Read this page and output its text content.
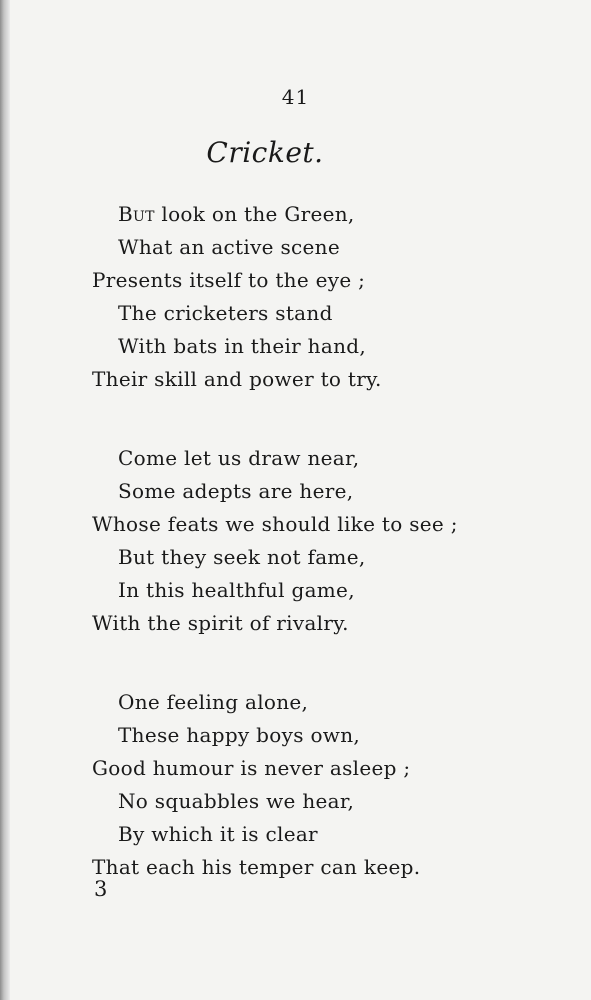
41
Cricket.
But look on the Green,
What an active scene
Presents itself to the eye ;
The cricketers stand
With bats in their hand,
Their skill and power to try.
Come let us draw near,
Some adepts are here,
Whose feats we should like to see ;
But they seek not fame,
In this healthful game,
With the spirit of rivalry.
One feeling alone,
These happy boys own,
Good humour is never asleep ;
No squabbles we hear,
By which it is clear
That each his temper can keep.
3
